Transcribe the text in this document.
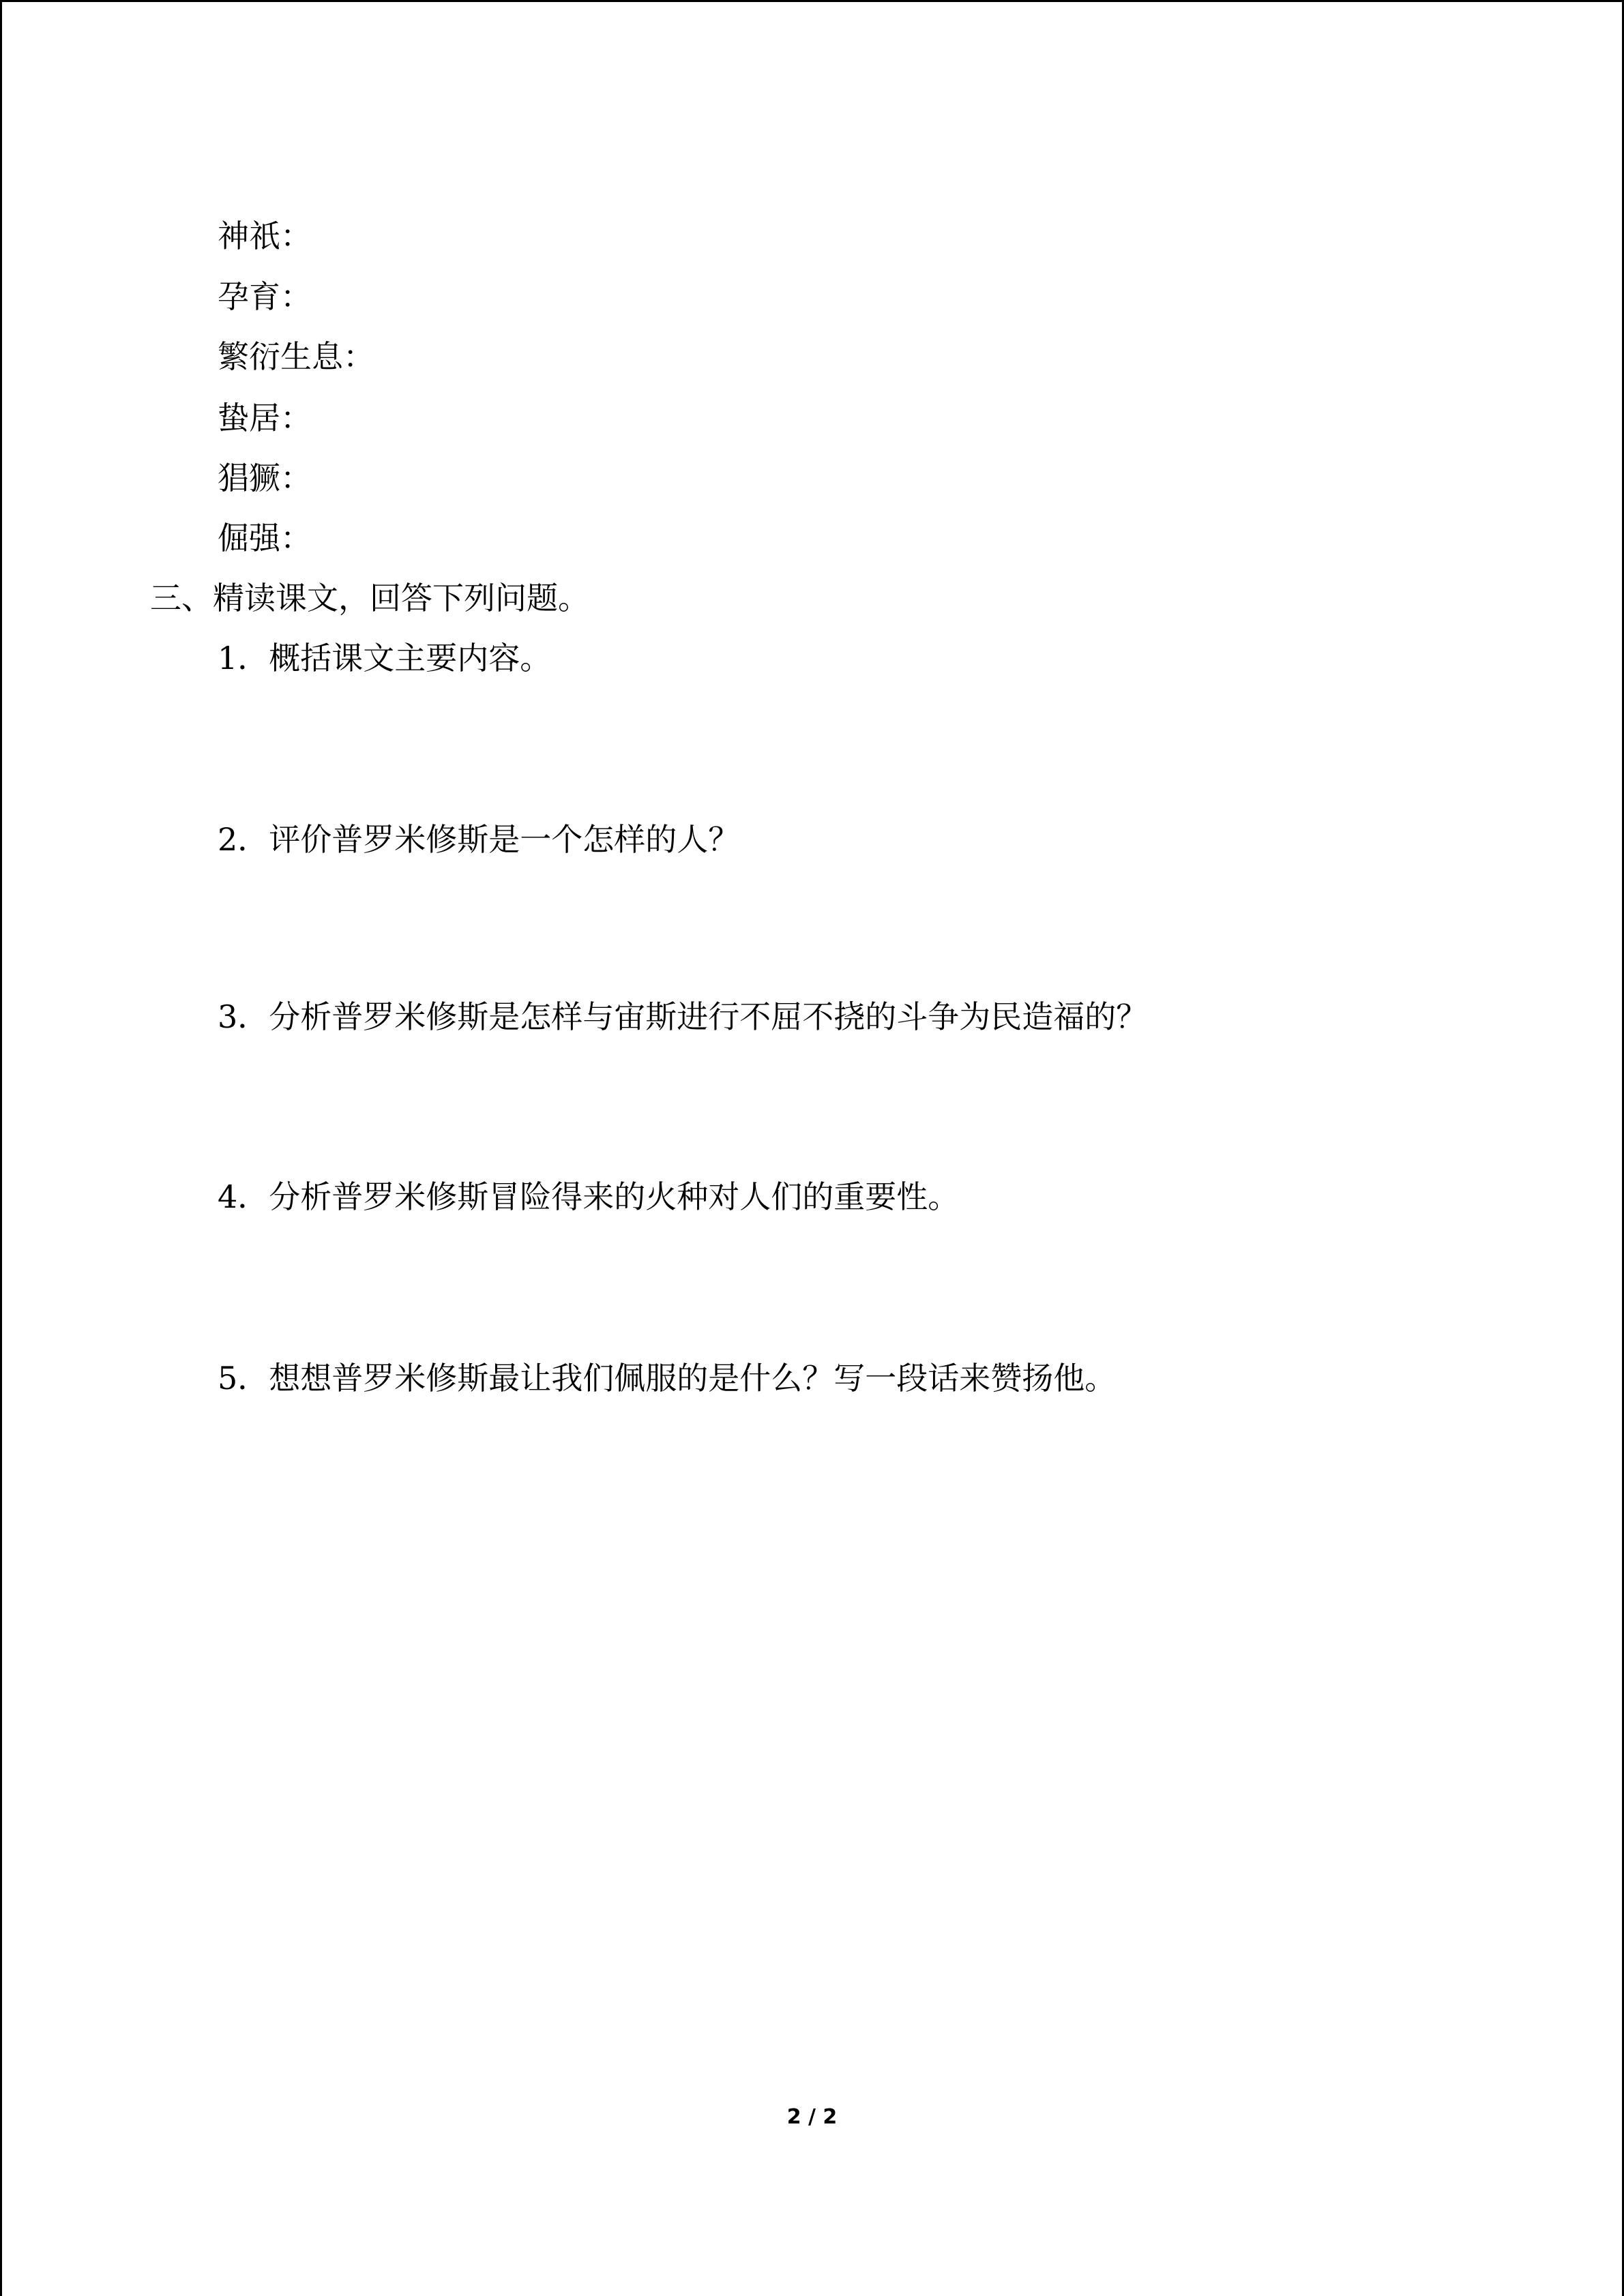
神祇：
孕育：
繁衍生息：
蛰居：
猖獗：
倔强：
三、精读课文，回答下列问题。
1．概括课文主要内容。
2．评价普罗米修斯是一个怎样的人？
3．分析普罗米修斯是怎样与宙斯进行不屈不挠的斗争为民造福的？
4．分析普罗米修斯冒险得来的火种对人们的重要性。
5．想想普罗米修斯最让我们佩服的是什么？写一段话来赞扬他。
2 / 2
